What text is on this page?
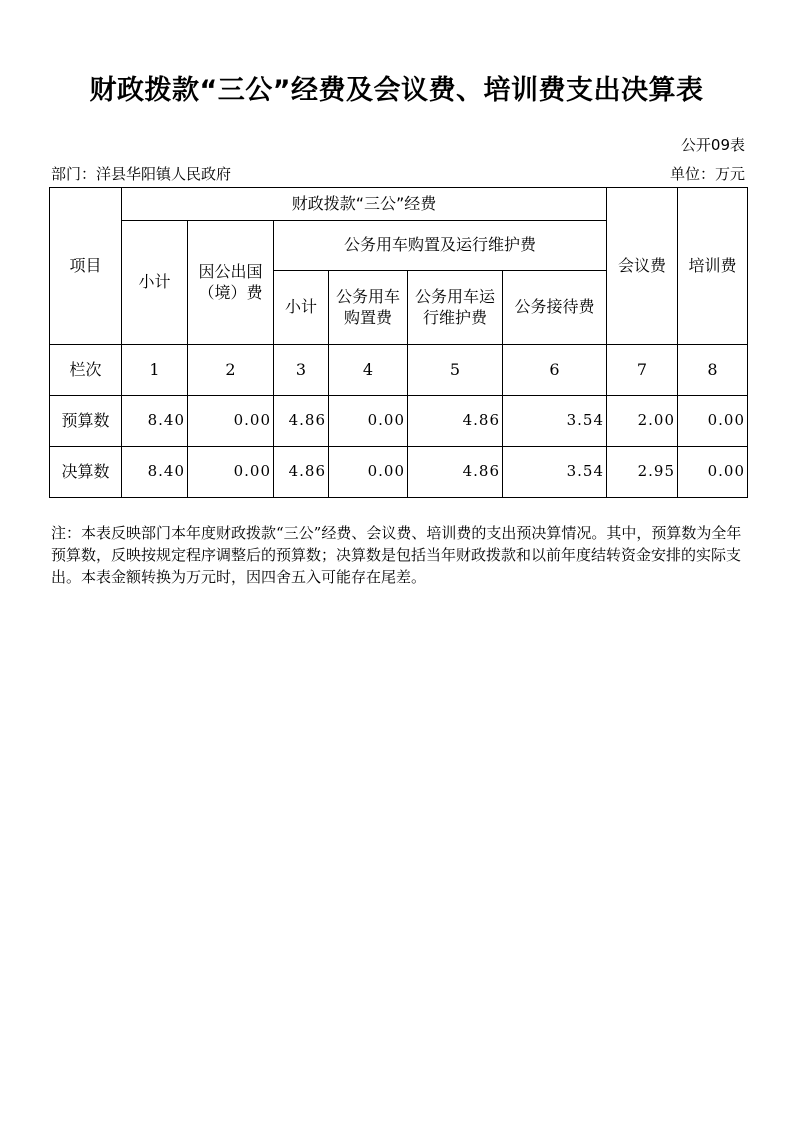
财政拨款“三公”经费及会议费、培训费支出决算表
公开09表
部门：洋县华阳镇人民政府	单位：万元
项目	财政拨款“三公”经费						会议费	培训费
	小计	因公出国（境）费	公务用车购置及运行维护费					
			小计	公务用车购置费	公务用车运行维护费	公务接待费		
栏次	1	2	3	4	5	6	7	8
预算数	8.40	0.00	4.86	0.00	4.86	3.54	2.00	0.00
决算数	8.40	0.00	4.86	0.00	4.86	3.54	2.95	0.00
注：本表反映部门本年度财政拨款“三公”经费、会议费、培训费的支出预决算情况。其中，预算数为全年预算数，反映按规定程序调整后的预算数；决算数是包括当年财政拨款和以前年度结转资金安排的实际支出。本表金额转换为万元时，因四舍五入可能存在尾差。
